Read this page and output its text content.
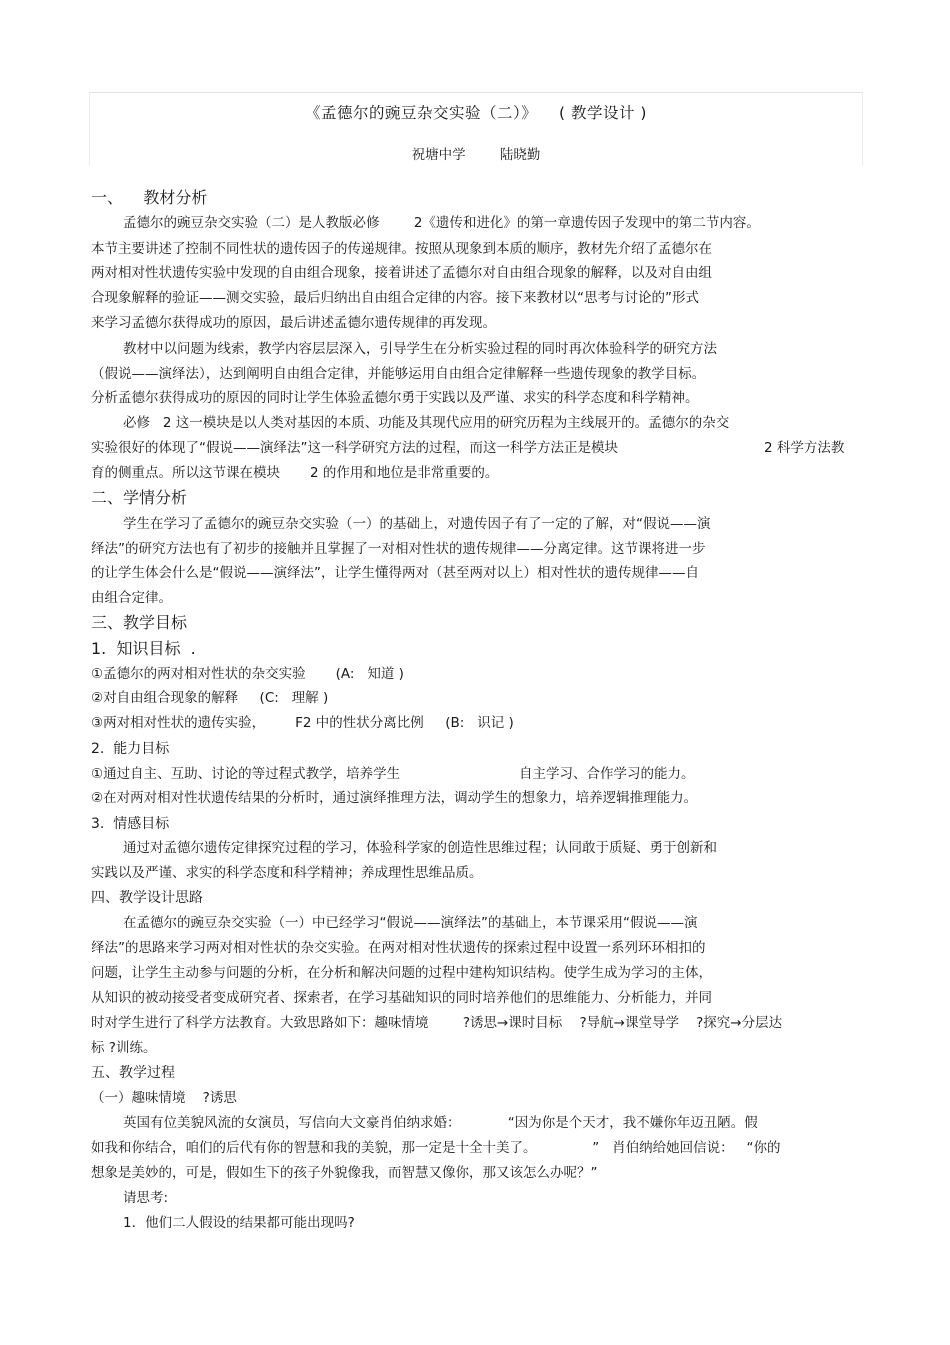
《孟德尔的豌豆杂交实验（二）》    ( 教学设计 )
祝塘中学        陆晓勤
一、    教材分析
孟德尔的豌豆杂交实验（二）是人教版必修        2《遗传和进化》的第一章遗传因子发现中的第二节内容。
本节主要讲述了控制不同性状的遗传因子的传递规律。按照从现象到本质的顺序，教材先介绍了孟德尔在
两对相对性状遗传实验中发现的自由组合现象，接着讲述了孟德尔对自由组合现象的解释，以及对自由组
合现象解释的验证——测交实验，最后归纳出自由组合定律的内容。接下来教材以“思考与讨论的”形式
来学习孟德尔获得成功的原因，最后讲述孟德尔遗传规律的再发现。
教材中以问题为线索，教学内容层层深入，引导学生在分析实验过程的同时再次体验科学的研究方法
（假说——演绎法），达到阐明自由组合定律，并能够运用自由组合定律解释一些遗传现象的教学目标。
分析孟德尔获得成功的原因的同时让学生体验孟德尔勇于实践以及严谨、求实的科学态度和科学精神。
必修   2 这一模块是以人类对基因的本质、功能及其现代应用的研究历程为主线展开的。孟德尔的杂交
实验很好的体现了“假说——演绎法”这一科学研究方法的过程，而这一科学方法正是模块	2 科学方法教
育的侧重点。所以这节课在模块       2 的作用和地位是非常重要的。
二、学情分析
学生在学习了孟德尔的豌豆杂交实验（一）的基础上，对遗传因子有了一定的了解，对“假说——演
绎法”的研究方法也有了初步的接触并且掌握了一对相对性状的遗传规律——分离定律。这节课将进一步
的让学生体会什么是“假说——演绎法”，让学生懂得两对（甚至两对以上）相对性状的遗传规律——自
由组合定律。
三、教学目标
1.  知识目标  .
①孟德尔的两对相对性状的杂交实验       (A:   知道 )
②对自由组合现象的解释     (C:   理解 )
③两对相对性状的遗传实验，       F2 中的性状分离比例     (B:   识记 )
2.  能力目标
①通过自主、互助、讨论的等过程式教学，培养学生	自主学习、合作学习的能力。
②在对两对相对性状遗传结果的分析时，通过演绎推理方法，调动学生的想象力，培养逻辑推理能力。
3.  情感目标
通过对孟德尔遗传定律探究过程的学习，体验科学家的创造性思维过程；认同敢于质疑、勇于创新和
实践以及严谨、求实的科学态度和科学精神；养成理性思维品质。
四、教学设计思路
在孟德尔的豌豆杂交实验（一）中已经学习“假说——演绎法”的基础上，本节课采用“假说——演
绎法”的思路来学习两对相对性状的杂交实验。在两对相对性状遗传的探索过程中设置一系列环环相扣的
问题，让学生主动参与问题的分析，在分析和解决问题的过程中建构知识结构。使学生成为学习的主体，
从知识的被动接受者变成研究者、探索者，在学习基础知识的同时培养他们的思维能力、分析能力，并同
时对学生进行了科学方法教育。大致思路如下：趣味情境        ?诱思→课时目标    ?导航→课堂导学    ?探究→分层达
标 ?训练。
五、教学过程
（一）趣味情境    ?诱思
英国有位美貌风流的女演员，写信向大文豪肖伯纳求婚：           “因为你是个天才，我不嫌你年迈丑陋。假
如我和你结合，咱们的后代有你的智慧和我的美貌，那一定是十全十美了。             ”   肖伯纳给她回信说：   “你的
想象是美妙的，可是，假如生下的孩子外貌像我，而智慧又像你，那又该怎么办呢？”
请思考:
1．他们二人假设的结果都可能出现吗?
